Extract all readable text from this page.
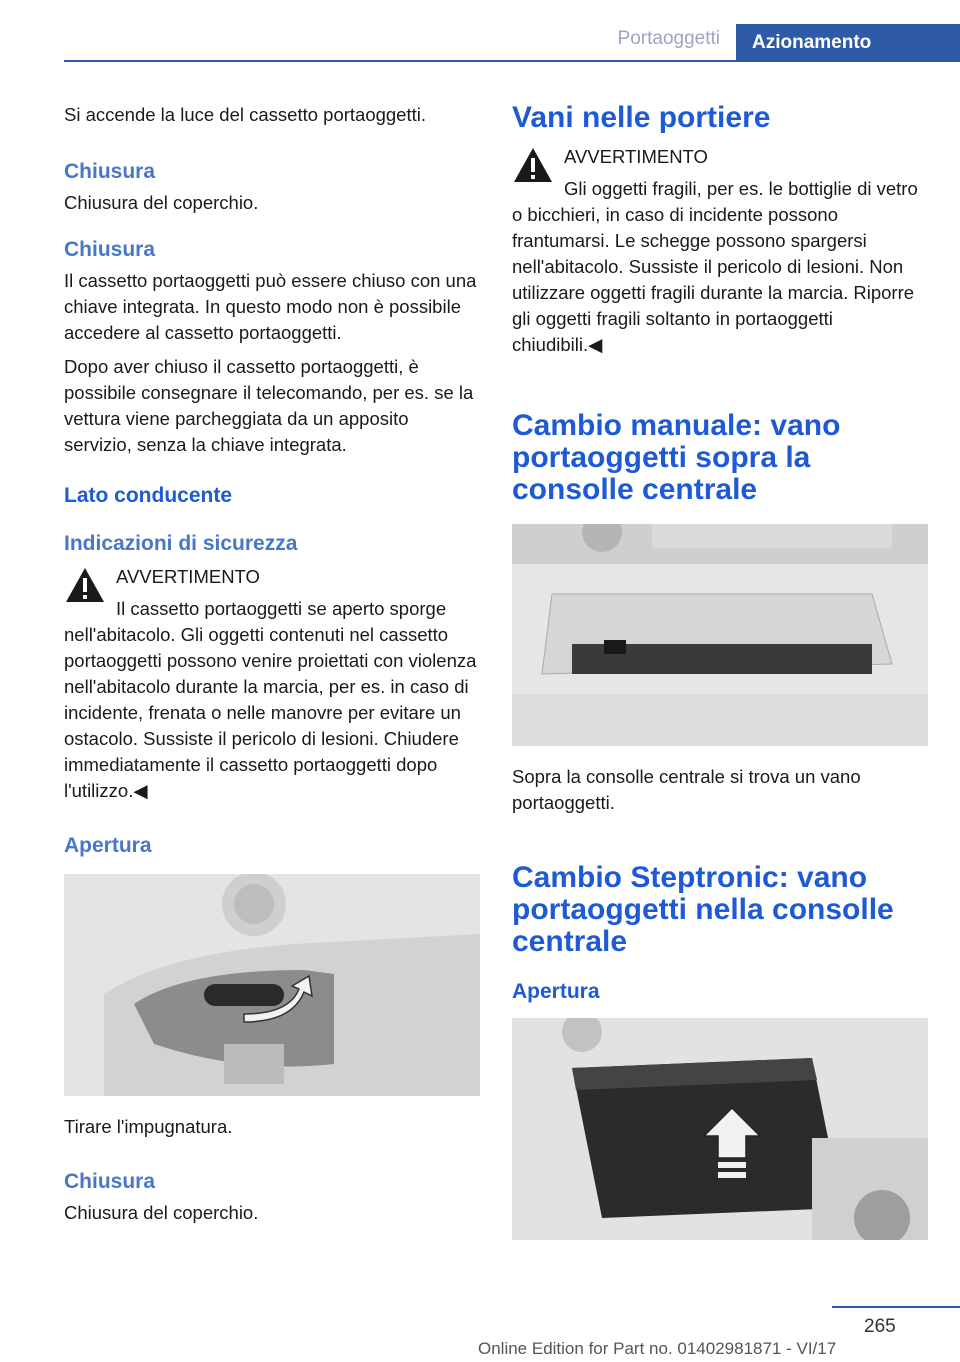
Portaoggetti	Azionamento

Si accende la luce del cassetto portaoggetti.

Chiusura

Chiusura del coperchio.

Chiusura

Il cassetto portaoggetti può essere chiuso con una chiave integrata. In questo modo non è possibile accedere al cassetto portaoggetti.

Dopo aver chiuso il cassetto portaoggetti, è possibile consegnare il telecomando, per es. se la vettura viene parcheggiata da un apposito servizio, senza la chiave integrata.

Lato conducente
Indicazioni di sicurezza
AVVERTIMENTO
Il cassetto portaoggetti se aperto sporge nell'abitacolo. Gli oggetti contenuti nel cassetto portaoggetti possono venire proiettati con violenza nell'abitacolo durante la marcia, per es. in caso di incidente, frenata o nelle manovre per evitare un ostacolo. Sussiste il pericolo di lesioni. Chiudere immediatamente il cassetto portaoggetti dopo l'utilizzo.◀
Apertura

Tirare l'impugnatura.

Chiusura

Chiusura del coperchio.

Vani nelle portiere
AVVERTIMENTO
Gli oggetti fragili, per es. le bottiglie di vetro o bicchieri, in caso di incidente possono frantumarsi. Le schegge possono spargersi nell'abitacolo. Sussiste il pericolo di lesioni. Non utilizzare oggetti fragili durante la marcia. Riporre gli oggetti fragili soltanto in portaoggetti chiudibili.◀
Cambio manuale: vano portaoggetti sopra la consolle centrale

Sopra la consolle centrale si trova un vano portaoggetti.

Cambio Steptronic: vano portaoggetti nella consolle centrale
Apertura
265
Online Edition for Part no. 01402981871 - VI/17
